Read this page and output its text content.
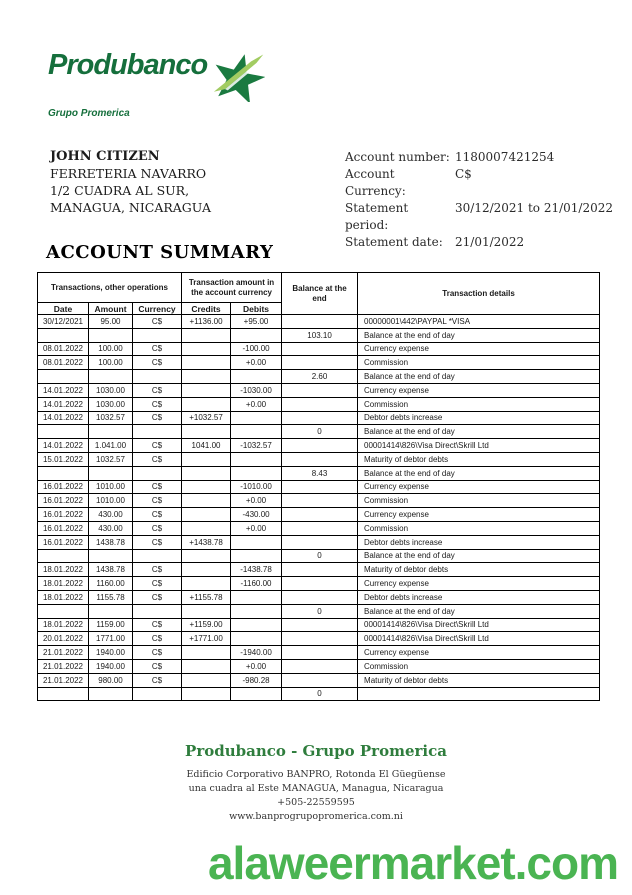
Produbanco
Grupo Promerica
JOHN CITIZEN
FERRETERIA NAVARRO
1/2 CUADRA AL SUR,
MANAGUA, NICARAGUA
Account number: 1180007421254
Account Currency:
C$
Statement period:
30/12/2021 to 21/01/2022
Statement date:	21/01/2022
ACCOUNT SUMMARY
Transactions, other operations			Transaction amount in the account currency		Balance at the end	Transaction details
Date	Amount	Currency	Credits	Debits		
30/12/2021	95.00	C$	+1136.00	+95.00		00000001\442\PAYPAL *VISA
					103.10	Balance at the end of day
08.01.2022	100.00	C$		-100.00		Currency expense
08.01.2022	100.00	C$		+0.00		Commission
					2.60	Balance at the end of day
14.01.2022	1030.00	C$		-1030.00		Currency expense
14.01.2022	1030.00	C$		+0.00		Commission
14.01.2022	1032.57	C$	+1032.57			Debtor debts increase
					0	Balance at the end of day
14.01.2022	1.041.00	C$	1041.00	-1032.57		00001414\826\Visa Direct\Skrill Ltd
15.01.2022	1032.57	C$				Maturity of debtor debts
					8.43	Balance at the end of day
16.01.2022	1010.00	C$		-1010.00		Currency expense
16.01.2022	1010.00	C$		+0.00		Commission
16.01.2022	430.00	C$		-430.00		Currency expense
16.01.2022	430.00	C$		+0.00		Commission
16.01.2022	1438.78	C$	+1438.78			Debtor debts increase
					0	Balance at the end of day
18.01.2022	1438.78	C$		-1438.78		Maturity of debtor debts
18.01.2022	1160.00	C$		-1160.00		Currency expense
18.01.2022	1155.78	C$	+1155.78			Debtor debts increase
					0	Balance at the end of day
18.01.2022	1159.00	C$	+1159.00			00001414\826\Visa Direct\Skrill Ltd
20.01.2022	1771.00	C$	+1771.00			00001414\826\Visa Direct\Skrill Ltd
21.01.2022	1940.00	C$		-1940.00		Currency expense
21.01.2022	1940.00	C$		+0.00		Commission
21.01.2022	980.00	C$		-980.28		Maturity of debtor debts
					0	
Produbanco - Grupo Promerica
Edificio Corporativo BANPRO, Rotonda El Güegüense
una cuadra al Este MANAGUA, Managua, Nicaragua
+505-22559595
www.banprogrupopromerica.com.ni
alaweermarket.com
